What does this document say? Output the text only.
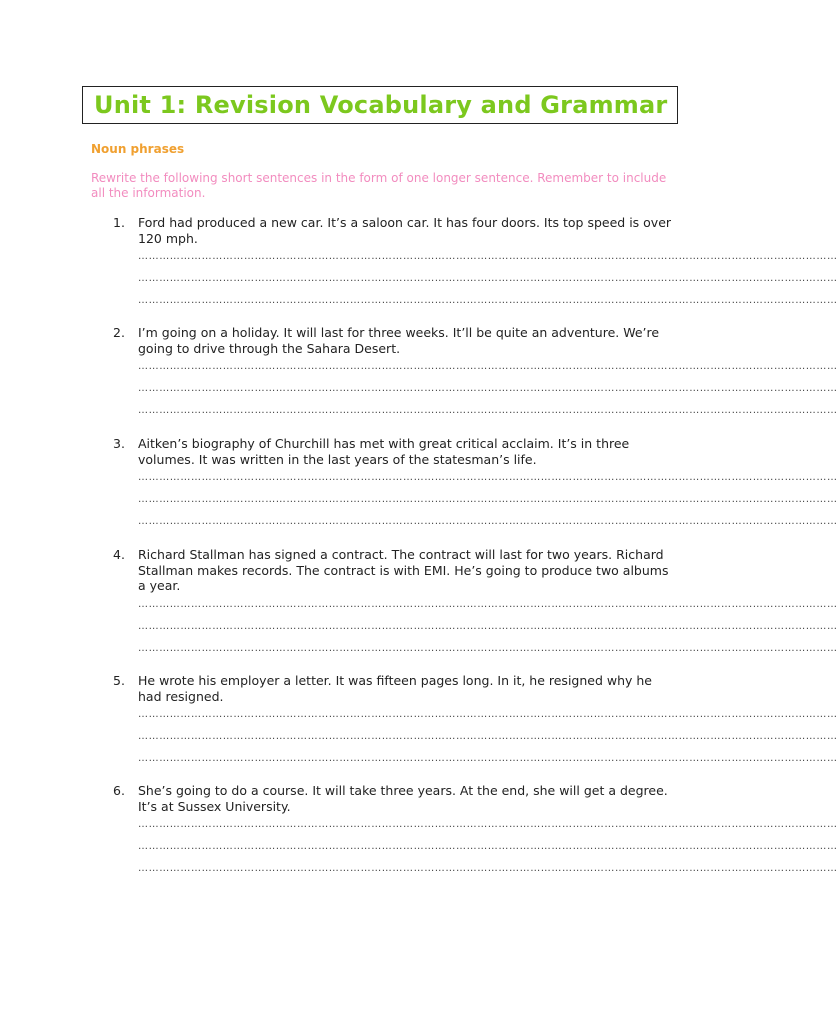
Unit 1: Revision Vocabulary and Grammar
Noun phrases
Rewrite the following short sentences in the form of one longer sentence. Remember to include all the information.
1. Ford had produced a new car. It’s a saloon car. It has four doors. Its top speed is over 120 mph.
………………………………………………………………………………………………………………………………………………………………………………
………………………………………………………………………………………………………………………………………………………………………………
………………………………………………………………………………………………………………………………………………………………………………
2. I’m going on a holiday. It will last for three weeks. It’ll be quite an adventure. We’re going to drive through the Sahara Desert.
………………………………………………………………………………………………………………………………………………………………………………
………………………………………………………………………………………………………………………………………………………………………………
………………………………………………………………………………………………………………………………………………………………………………
3. Aitken’s biography of Churchill has met with great critical acclaim. It’s in three volumes. It was written in the last years of the statesman’s life.
………………………………………………………………………………………………………………………………………………………………………………
………………………………………………………………………………………………………………………………………………………………………………
………………………………………………………………………………………………………………………………………………………………………………
4. Richard Stallman has signed a contract. The contract will last for two years. Richard Stallman makes records. The contract is with EMI. He’s going to produce two albums a year.
………………………………………………………………………………………………………………………………………………………………………………
………………………………………………………………………………………………………………………………………………………………………………
………………………………………………………………………………………………………………………………………………………………………………
5. He wrote his employer a letter. It was fifteen pages long. In it, he resigned why he had resigned.
………………………………………………………………………………………………………………………………………………………………………………
………………………………………………………………………………………………………………………………………………………………………………
………………………………………………………………………………………………………………………………………………………………………………
6. She’s going to do a course. It will take three years. At the end, she will get a degree. It’s at Sussex University.
………………………………………………………………………………………………………………………………………………………………………………
………………………………………………………………………………………………………………………………………………………………………………
………………………………………………………………………………………………………………………………………………………………………………
